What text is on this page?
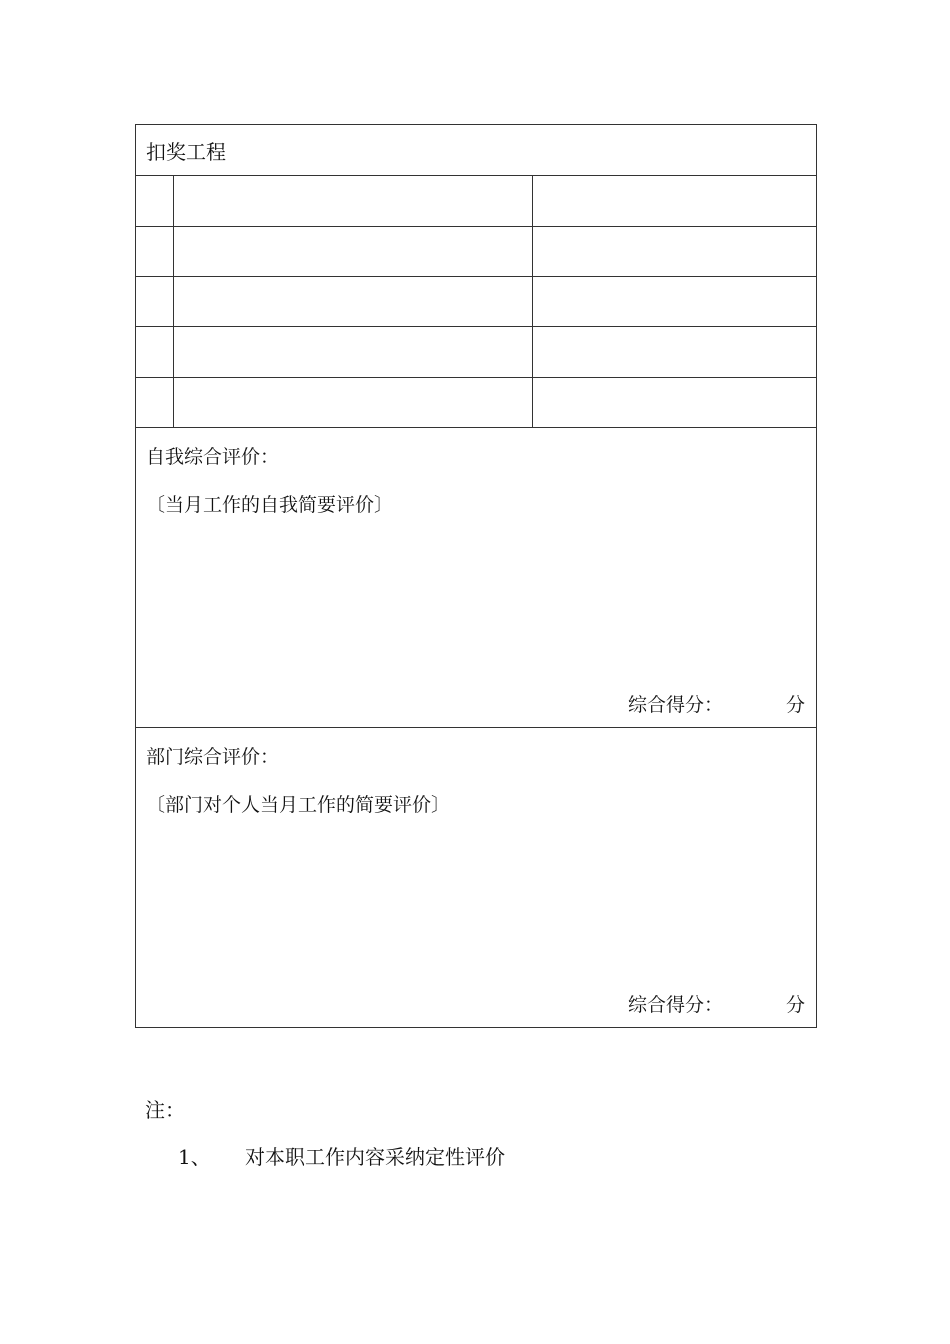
扣奖工程		

自我综合评价：
〔当月工作的自我简要评价〕
综合得分： 分		

部门综合评价：
〔部门对个人当月工作的简要评价〕
综合得分： 分		
注：
1、 对本职工作内容采纳定性评价
